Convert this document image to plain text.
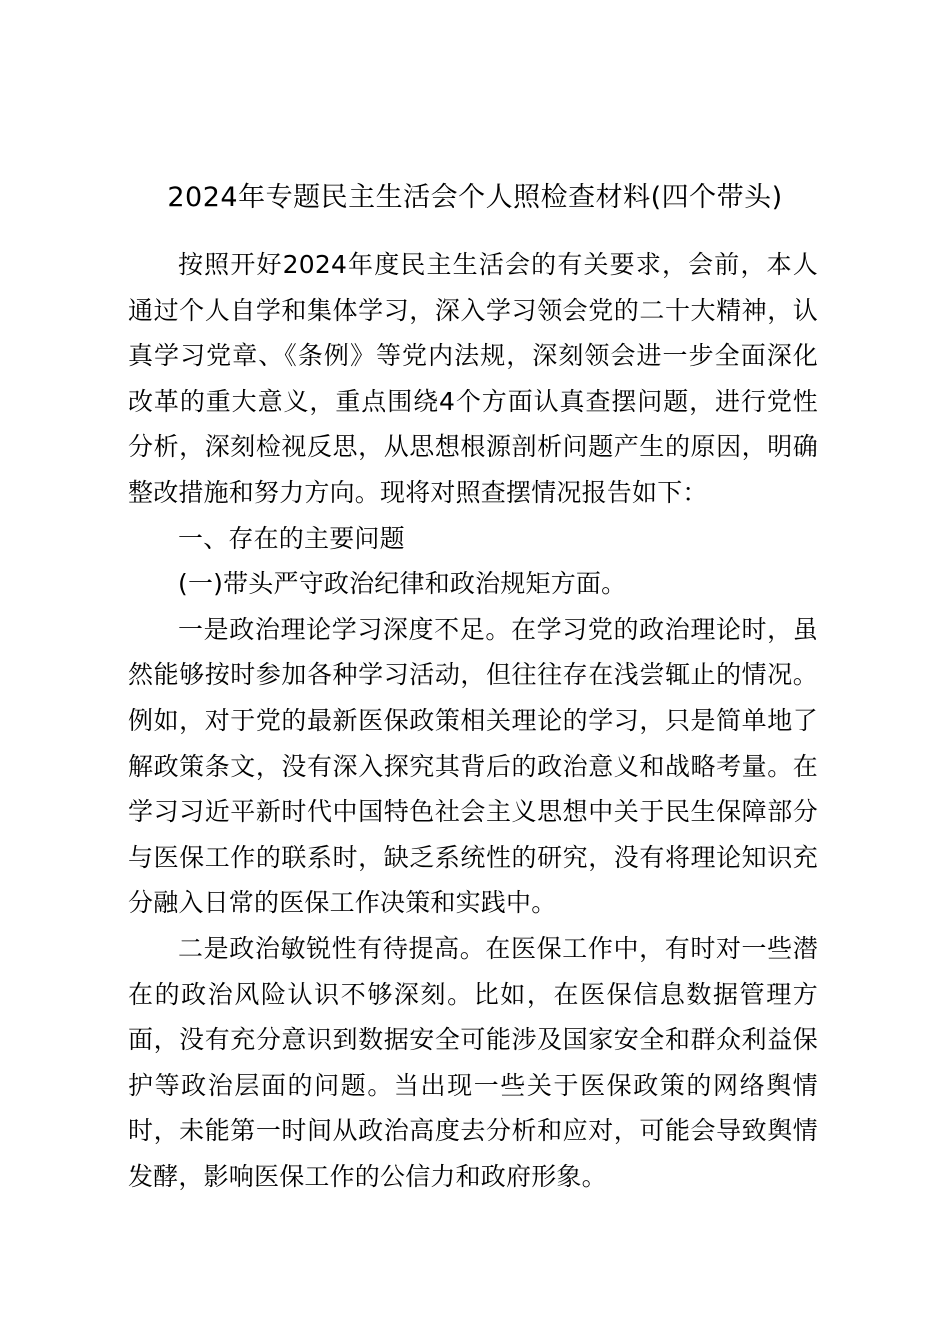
2024年专题民主生活会个人照检查材料(四个带头)

按照开好2024年度民主生活会的有关要求，会前，本人通过个人自学和集体学习，深入学习领会党的二十大精神，认真学习党章、《条例》等党内法规，深刻领会进一步全面深化改革的重大意义，重点围绕4个方面认真查摆问题，进行党性分析，深刻检视反思，从思想根源剖析问题产生的原因，明确整改措施和努力方向。现将对照查摆情况报告如下：

一、存在的主要问题

(一)带头严守政治纪律和政治规矩方面。

一是政治理论学习深度不足。在学习党的政治理论时，虽然能够按时参加各种学习活动，但往往存在浅尝辄止的情况。例如，对于党的最新医保政策相关理论的学习，只是简单地了解政策条文，没有深入探究其背后的政治意义和战略考量。在学习习近平新时代中国特色社会主义思想中关于民生保障部分与医保工作的联系时，缺乏系统性的研究，没有将理论知识充分融入日常的医保工作决策和实践中。

二是政治敏锐性有待提高。在医保工作中，有时对一些潜在的政治风险认识不够深刻。比如，在医保信息数据管理方面，没有充分意识到数据安全可能涉及国家安全和群众利益保护等政治层面的问题。当出现一些关于医保政策的网络舆情时，未能第一时间从政治高度去分析和应对，可能会导致舆情发酵，影响医保工作的公信力和政府形象。
